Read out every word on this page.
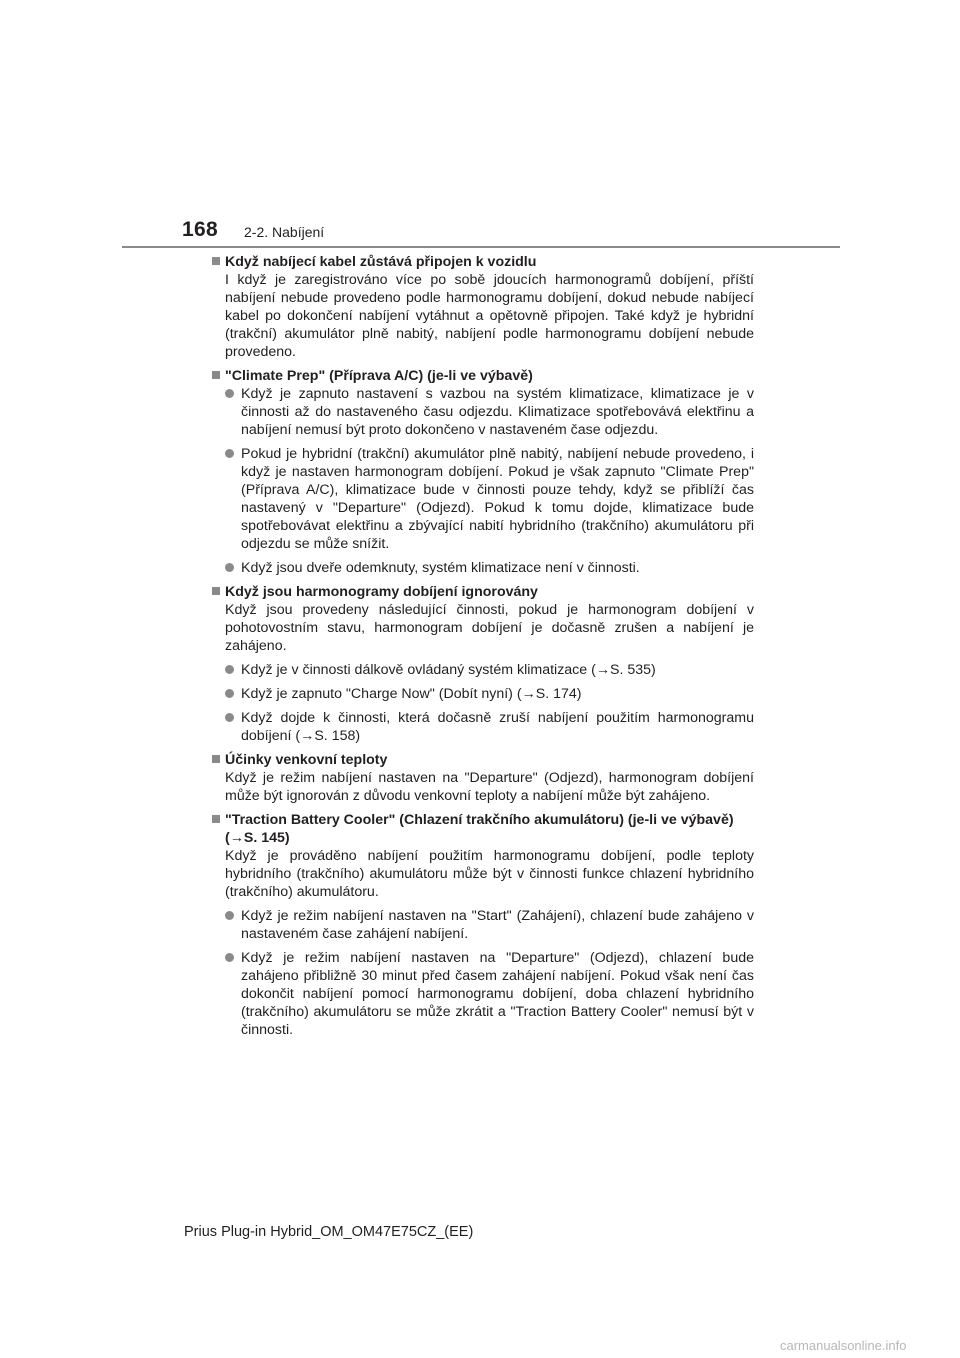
168 2-2. Nabíjení
Když nabíjecí kabel zůstává připojen k vozidlu
I když je zaregistrováno více po sobě jdoucích harmonogramů dobíjení, příští nabíjení nebude provedeno podle harmonogramu dobíjení, dokud nebude nabíjecí kabel po dokončení nabíjení vytáhnut a opětovně připojen. Také když je hybridní (trakční) akumulátor plně nabitý, nabíjení podle harmonogramu dobíjení nebude provedeno.
"Climate Prep" (Příprava A/C) (je-li ve výbavě)
Když je zapnuto nastavení s vazbou na systém klimatizace, klimatizace je v činnosti až do nastaveného času odjezdu. Klimatizace spotřebovává elektřinu a nabíjení nemusí být proto dokončeno v nastaveném čase odjezdu.
Pokud je hybridní (trakční) akumulátor plně nabitý, nabíjení nebude provedeno, i když je nastaven harmonogram dobíjení. Pokud je však zapnuto "Climate Prep" (Příprava A/C), klimatizace bude v činnosti pouze tehdy, když se přiblíží čas nastavený v "Departure" (Odjezd). Pokud k tomu dojde, klimatizace bude spotřebovávat elektřinu a zbývající nabití hybridního (trakčního) akumulátoru při odjezdu se může snížit.
Když jsou dveře odemknuty, systém klimatizace není v činnosti.
Když jsou harmonogramy dobíjení ignorovány
Když jsou provedeny následující činnosti, pokud je harmonogram dobíjení v pohotovostním stavu, harmonogram dobíjení je dočasně zrušen a nabíjení je zahájeno.
Když je v činnosti dálkově ovládaný systém klimatizace (→S. 535)
Když je zapnuto "Charge Now" (Dobít nyní) (→S. 174)
Když dojde k činnosti, která dočasně zruší nabíjení použitím harmonogramu dobíjení (→S. 158)
Účinky venkovní teploty
Když je režim nabíjení nastaven na "Departure" (Odjezd), harmonogram dobíjení může být ignorován z důvodu venkovní teploty a nabíjení může být zahájeno.
"Traction Battery Cooler" (Chlazení trakčního akumulátoru) (je-li ve výbavě) (→S. 145)
Když je prováděno nabíjení použitím harmonogramu dobíjení, podle teploty hybridního (trakčního) akumulátoru může být v činnosti funkce chlazení hybridního (trakčního) akumulátoru.
Když je režim nabíjení nastaven na "Start" (Zahájení), chlazení bude zahájeno v nastaveném čase zahájení nabíjení.
Když je režim nabíjení nastaven na "Departure" (Odjezd), chlazení bude zahájeno přibližně 30 minut před časem zahájení nabíjení. Pokud však není čas dokončit nabíjení pomocí harmonogramu dobíjení, doba chlazení hybridního (trakčního) akumulátoru se může zkrátit a "Traction Battery Cooler" nemusí být v činnosti.
Prius Plug-in Hybrid_OM_OM47E75CZ_(EE)
carmanualsonline.info
